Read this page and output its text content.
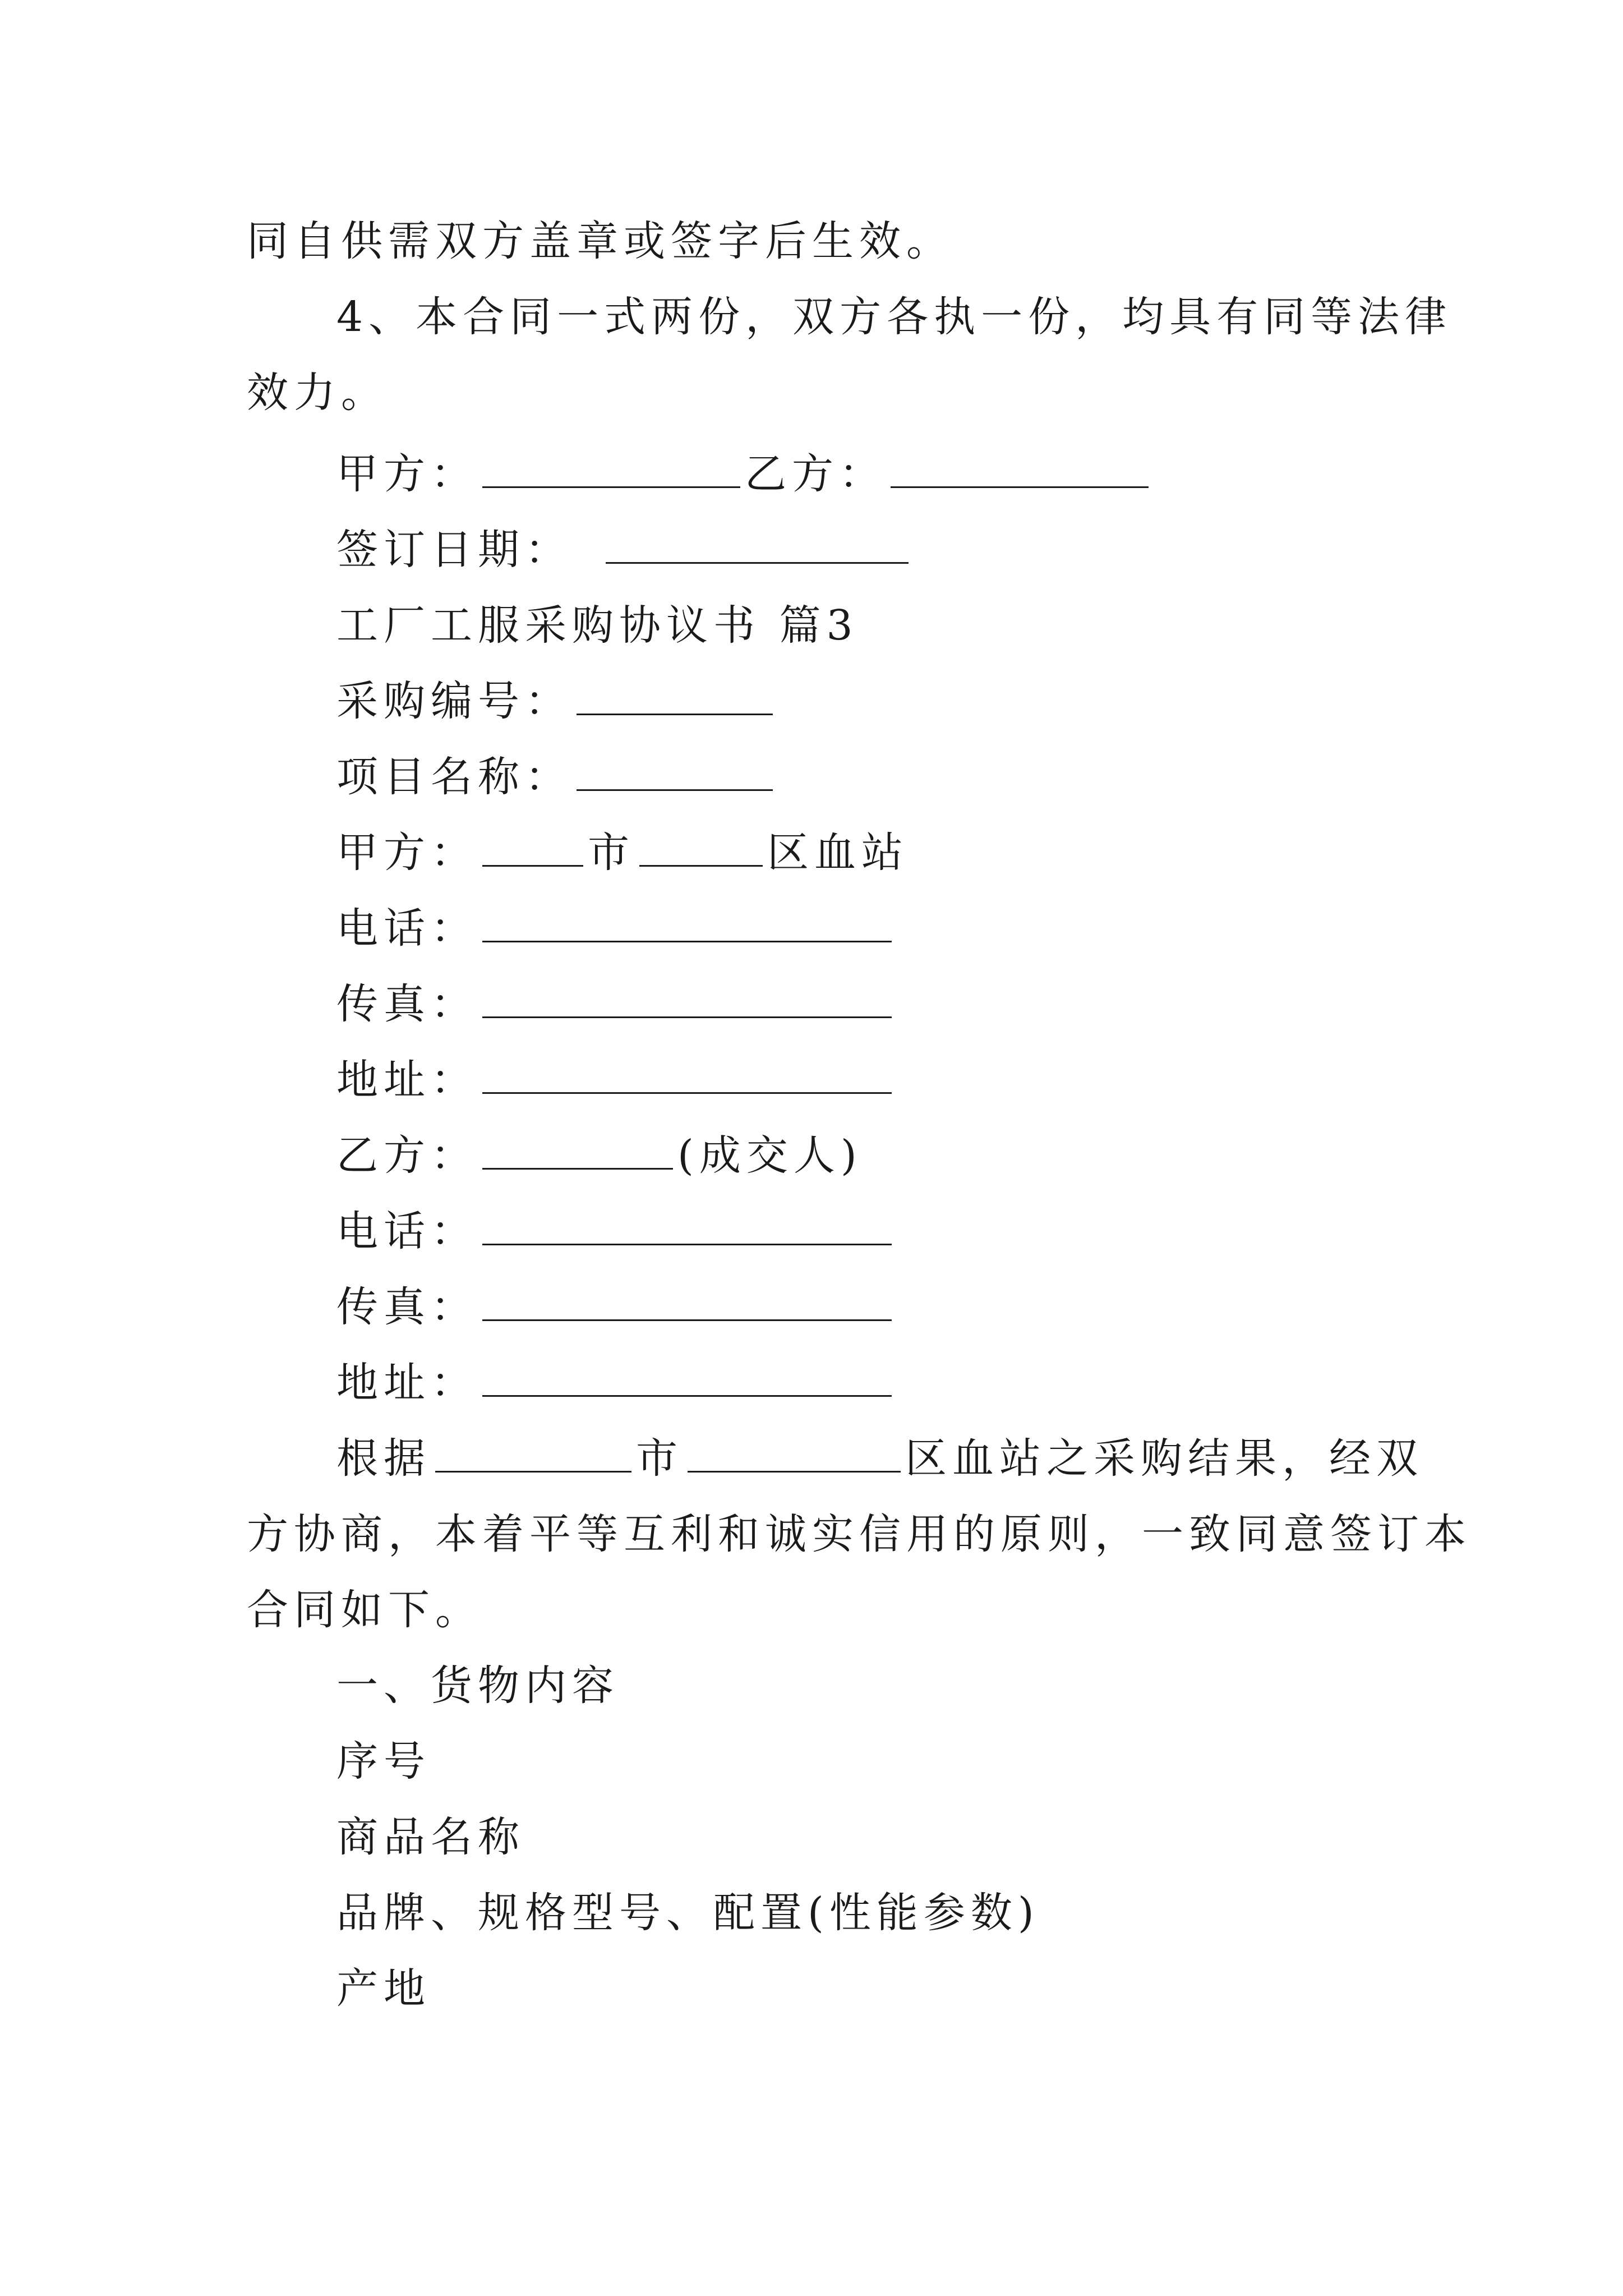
同自供需双方盖章或签字后生效。
4、本合同一式两份，双方各执一份，均具有同等法律
效力。
甲方：	乙方：
签订日期：
工厂工服采购协议书 篇3
采购编号：
项目名称：
甲方：	市	区血站
电话：
传真：
地址：
乙方：	(成交人)
电话：
传真：
地址：
根据	市	区血站之采购结果，经双
方协商，本着平等互利和诚实信用的原则，一致同意签订本
合同如下。
一、货物内容
序号
商品名称
品牌、规格型号、配置(性能参数)
产地
